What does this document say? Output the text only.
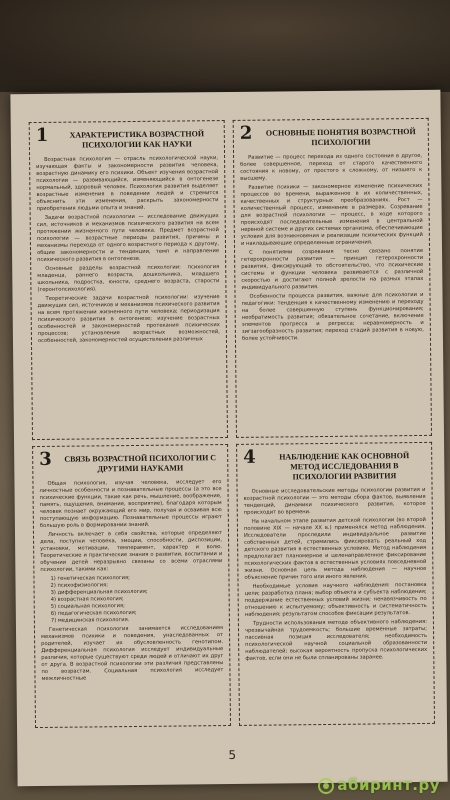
1	ХАРАКТЕРИСТИКА ВОЗРАСТНОЙ ПСИХОЛОГИИ КАК НАУКИ

Возрастная психология — отрасль психологической науки, изучающая факты и закономерности развития человека, возрастную динамику его психики. Объект изучения возрастной психологии — развивающийся, изменяющийся в онтогенезе нормальный, здоровый человек. Психология развития выделяет возрастные изменения в поведении людей и стремится объяснить эти изменения, раскрыть закономерности приобретения людьми опыта и знаний.

Задачи возрастной психологии — исследование движущих сил, источников и механизмов психического развития на всем протяжении жизненного пути человека. Предмет возрастной психологии — возрастные периоды развития, причины и механизмы перехода от одного возрастного периода к другому, общие закономерности и тенденции, темп и направление психического развития в онтогенезе.

Основные разделы возрастной психологии: психология младенца, раннего возраста, дошкольника, младшего школьника, подростка, юности, среднего возраста, старости (геронтопсихология).

Теоретические задачи возрастной психологии: изучение движущих сил, источников и механизмов психического развития на всем протяжении жизненного пути человека; периодизация психического развития в онтогенезе; изучение возрастных особенностей и закономерностей протекания психических процессов; установление возрастных возможностей, особенностей, закономерностей осуществления различных

2 ОСНОВНЫЕ ПОНЯТИЯ ВОЗРАСТНОЙ ПСИХОЛОГИИ

Развитие — процесс перехода из одного состояния в другое, более совершенное, переход от старого качественного состояния к новому, от простого к сложному, от низшего к высшему.

Развитие психики — закономерное изменение психических процессов во времени, выраженное в их количественных, качественных и структурных преобразованиях. Рост — количественный процесс, изменение в размерах. Созревание для возрастной психологии — процесс, в ходе которого происходят последовательные изменения в центральной нервной системе и других системах организма, обеспечивающие условия для возникновения и реализации психических функций и накладывающие определенные ограничения.

С понятиями созревания тесно связано понятие гетерохронности развития — принцип гетерохронности развития, фиксирующий то обстоятельство, что психические системы и функции человека развиваются с различной скоростью и достигают полной зрелости на разных этапах индивидуального развития.

Особенности процесса развития, важные для психологии и педагогики: тенденция к качественному изменению и переходу на более совершенную ступень функционирования; необратимость развития; обязательное сочетание, включение элементов прогресса и регресса; неравномерность и зигзагообразность развития; переход стадий развития в новую, более устойчивости.

3 СВЯЗЬ ВОЗРАСТНОЙ ПСИХОЛОГИИ С ДРУГИМИ НАУКАМИ

Общая психология, изучая человека, исследует его личностные особенности и познавательные процессы (а это все психические функции, такие как речь, мышление, воображение, память, ощущения, внимание, восприятие), благодаря которым человек познает окружающий его мир, получая и осваивая всю поступающую информацию. Познавательные процессы играют большую роль в формировании знаний.

Личность включает в себя свойства, которые определяют дела, поступки человека, эмоции, способности, диспозиции, установки, мотивации, темперамент, характер и волю. Теоретические и практические знания о развитии, воспитании и обучении детей неразрывно связаны со всеми отраслями психологии, такими как:

1) генетическая психология;
2) психофизиология;
3) дифференциальная психология;
4) возрастная психология;
5) социальная психология;
6) педагогическая психология;
7) медицинская психология.

Генетическая психология занимается исследованием механизмов психики и поведения, унаследованных от родителей, изучает их обусловленность генотипом. Дифференциальная психология исследует индивидуальные различия, которые существуют среди людей и отличают их друг от друга. В возрастной психологии эти различия представлены по возрастам. Социальная психология исследует межличностные

4	НАБЛЮДЕНИЕ КАК ОСНОВНОЙ МЕТОД ИССЛЕДОВАНИЯ В ПСИХОЛОГИИ РАЗВИТИЯ

Основные исследовательские методы психологии развития и возрастной психологии — это методы сбора фактов, выявления тенденций, динамики психического развития, которое происходит во времени.

На начальном этапе развития детской психологии (во второй половине XIX — начале XX в.) применялся метод наблюдения. Исследователи проследили индивидуальное развитие собственных детей, стремились фиксировать реальный ход детского развития в естественных условиях. Метод наблюдения предполагает планомерное и целенаправленное фиксирование психологических фактов в естественных условиях повседневной жизни. Основная цель метода наблюдения — научное объяснение причин того или иного явления.

Необходимые условия научного наблюдения: постановка цели; разработка плана; выбор объекта и субъекта наблюдения; поддержание естественных условий жизни; ненавязчивость по отношению к испытуемому; объективность и систематичность наблюдения; результатом способов фиксации результатов.

Трудности использования метода объективного наблюдения: чрезвычайная трудоемкость; большие временные затраты; пассивная позиция исследователя; необходимость психологической научной социальной образованности наблюдателей; высокая вероятность пропуска психологических фактов, если они не были спланированы заранее.

5
абиринт.ру
